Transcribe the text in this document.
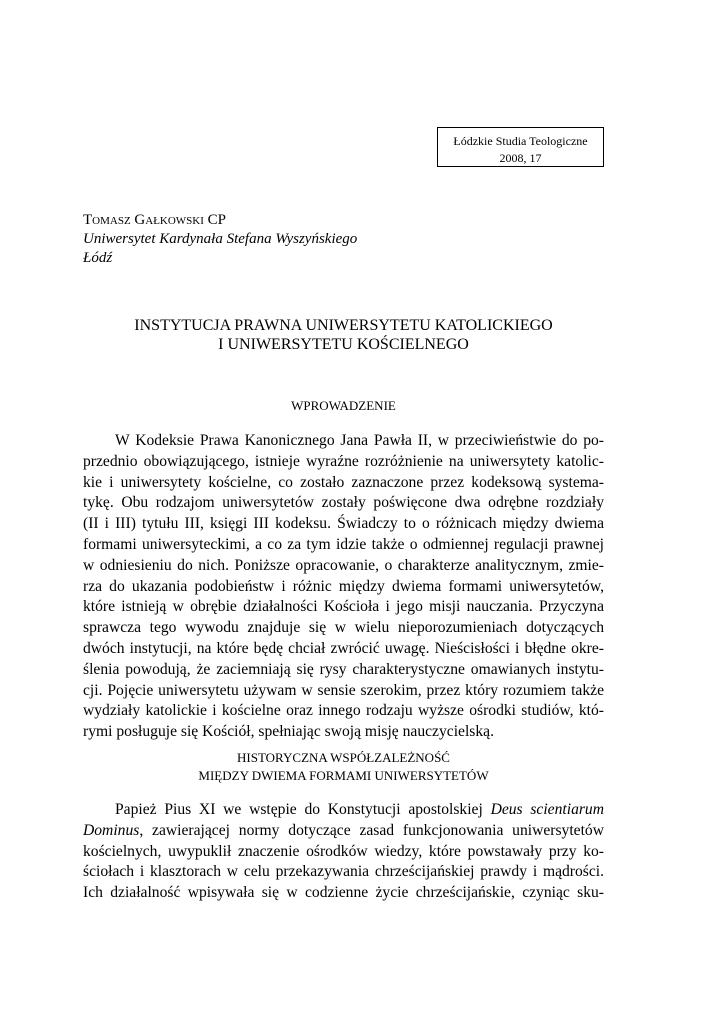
Łódzkie Studia Teologiczne
2008, 17
Tomasz Gałkowski CP
Uniwersytet Kardynała Stefana Wyszyńskiego
Łódź
INSTYTUCJA PRAWNA UNIWERSYTETU KATOLICKIEGO
I UNIWERSYTETU KOŚCIELNEGO
WPROWADZENIE
W Kodeksie Prawa Kanonicznego Jana Pawła II, w przeciwieństwie do po-
przednio obowiązującego, istnieje wyraźne rozróżnienie na uniwersytety katolic-
kie i uniwersytety kościelne, co zostało zaznaczone przez kodeksową systema-
tykę. Obu rodzajom uniwersytetów zostały poświęcone dwa odrębne rozdziały
(II i III) tytułu III, księgi III kodeksu. Świadczy to o różnicach między dwiema
formami uniwersyteckimi, a co za tym idzie także o odmiennej regulacji prawnej
w odniesieniu do nich. Poniższe opracowanie, o charakterze analitycznym, zmie-
rza do ukazania podobieństw i różnic między dwiema formami uniwersytetów,
które istnieją w obrębie działalności Kościoła i jego misji nauczania. Przyczyna
sprawcza tego wywodu znajduje się w wielu nieporozumieniach dotyczących
dwóch instytucji, na które będę chciał zwrócić uwagę. Nieścisłości i błędne okre-
ślenia powodują, że zaciemniają się rysy charakterystyczne omawianych instytu-
cji. Pojęcie uniwersytetu używam w sensie szerokim, przez który rozumiem także
wydziały katolickie i kościelne oraz innego rodzaju wyższe ośrodki studiów, któ-
rymi posługuje się Kościół, spełniając swoją misję nauczycielską.
HISTORYCZNA WSPÓŁZALEŻNOŚĆ
MIĘDZY DWIEMA FORMAMI UNIWERSYTETÓW
Papież Pius XI we wstępie do Konstytucji apostolskiej Deus scientiarum
Dominus, zawierającej normy dotyczące zasad funkcjonowania uniwersytetów
kościelnych, uwypuklił znaczenie ośrodków wiedzy, które powstawały przy ko-
ściołach i klasztorach w celu przekazywania chrześcijańskiej prawdy i mądrości.
Ich działalność wpisywała się w codzienne życie chrześcijańskie, czyniąc sku-
